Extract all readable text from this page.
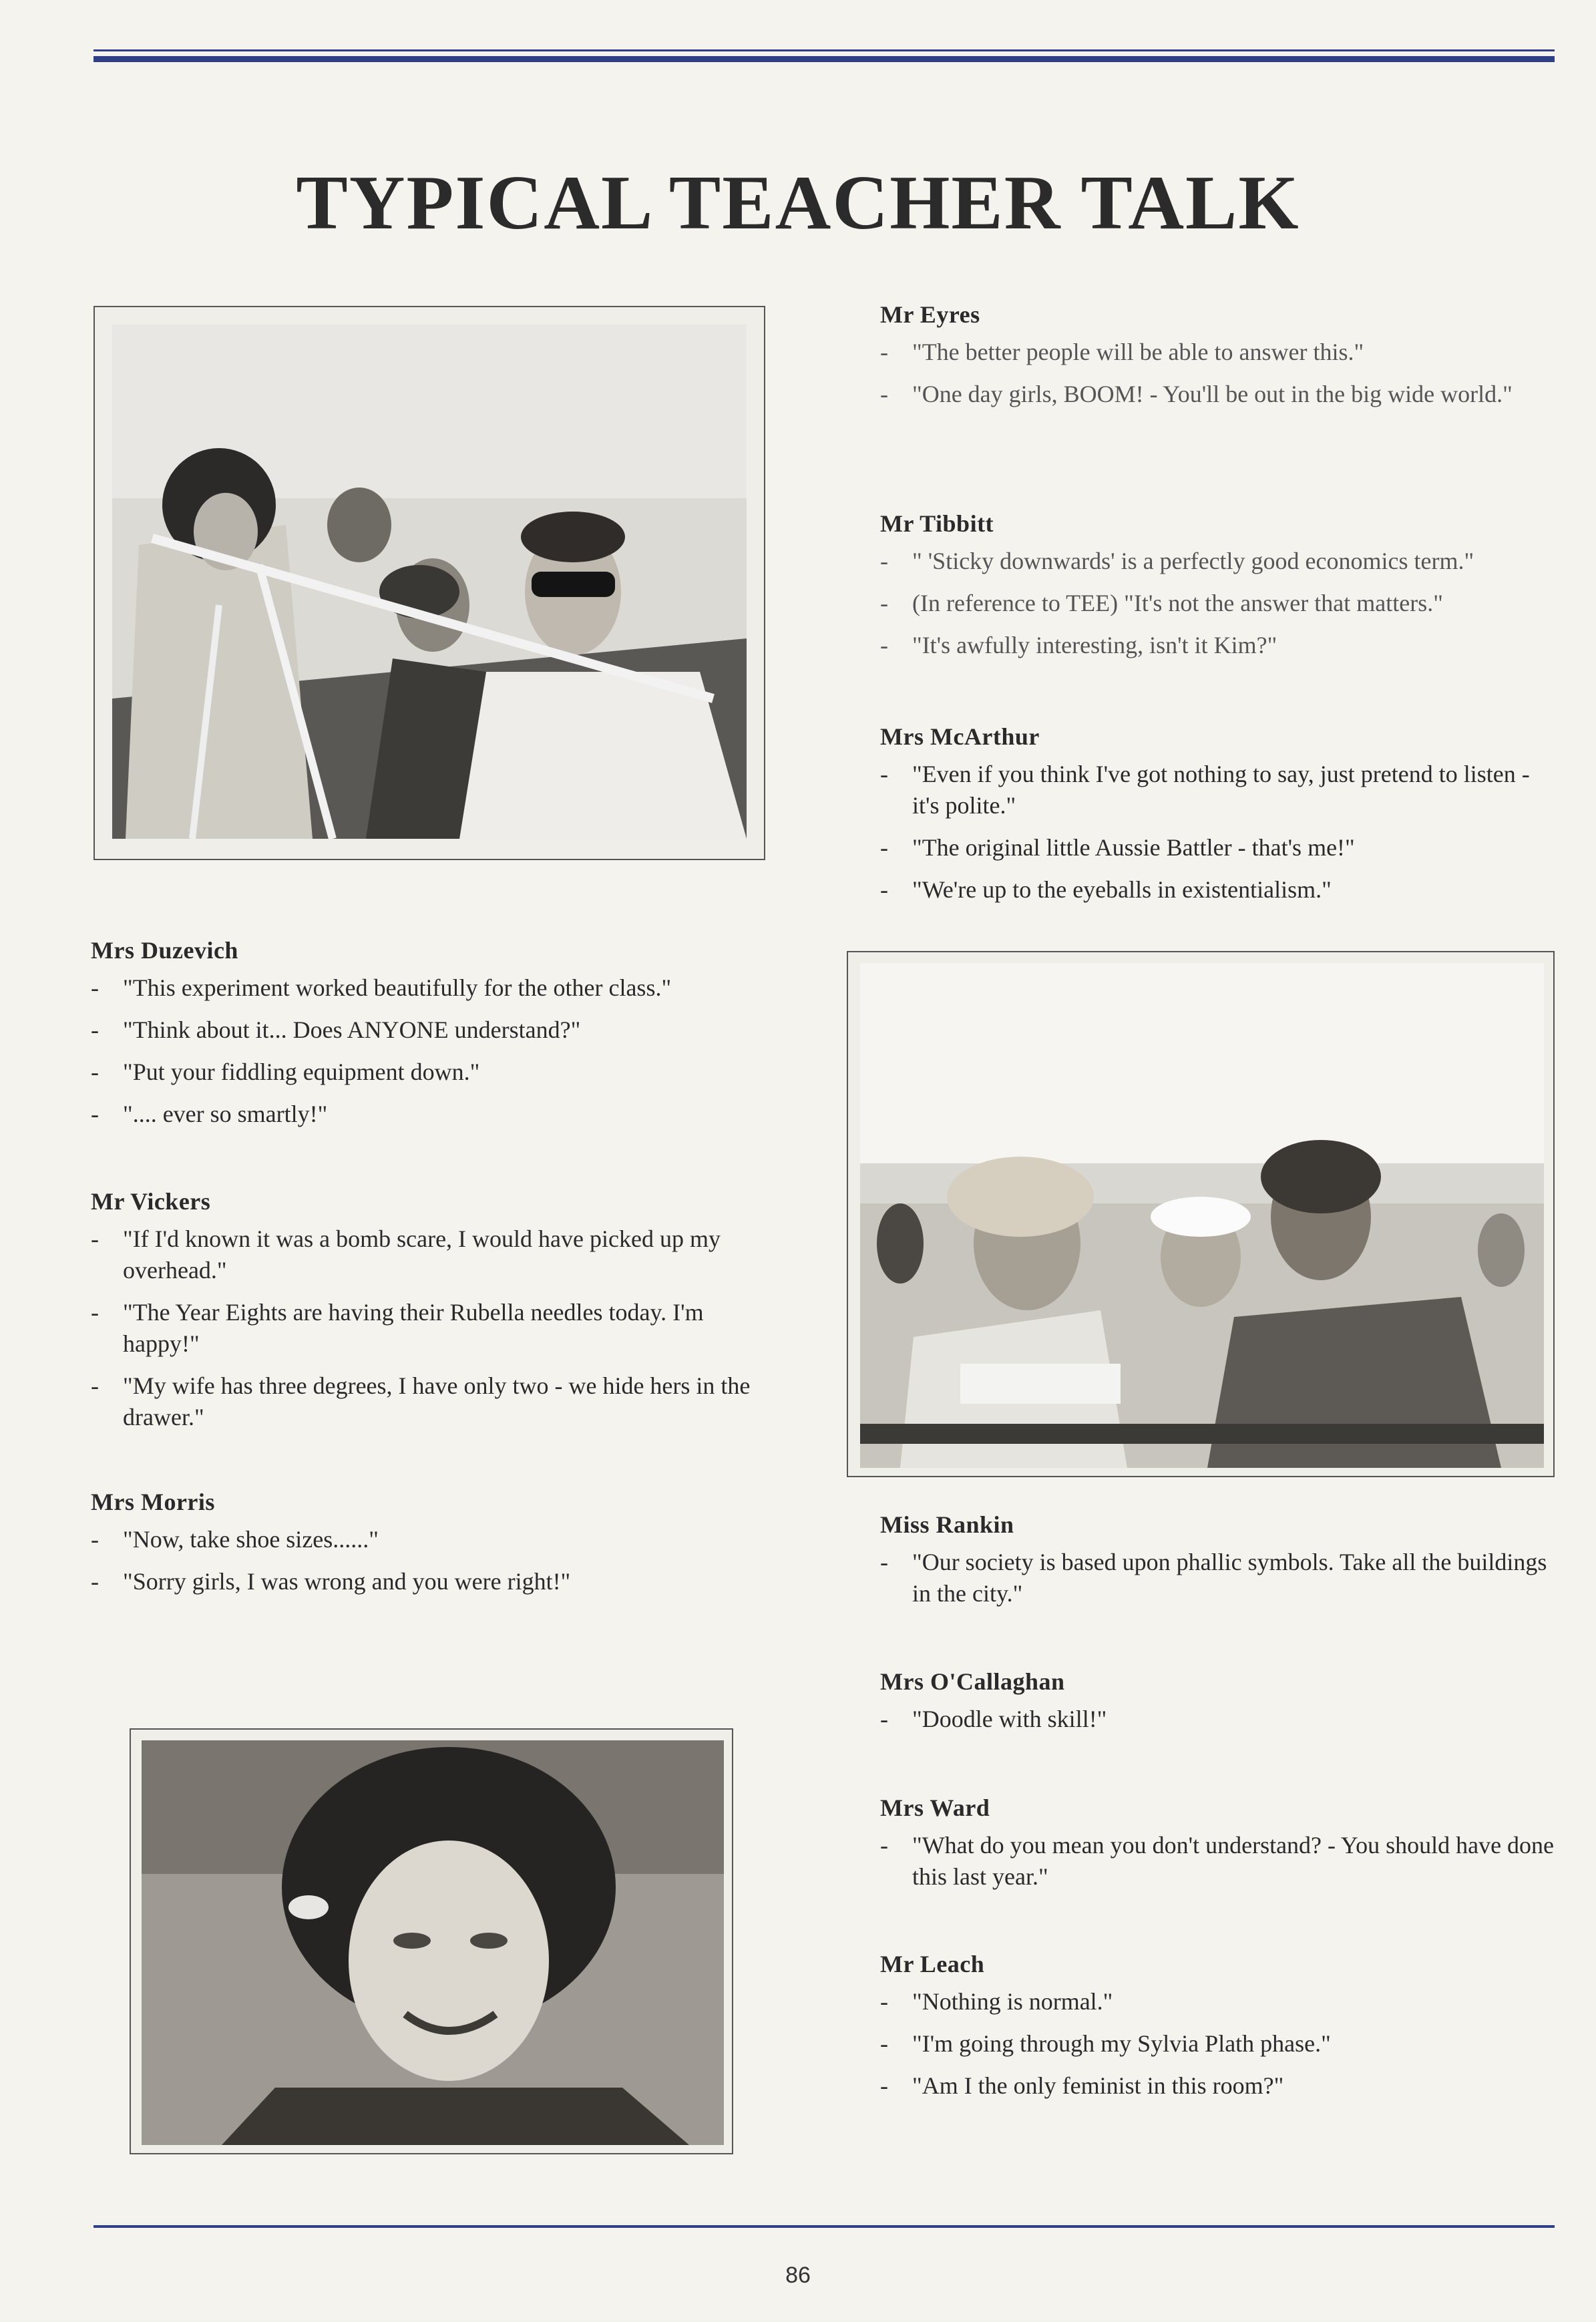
TYPICAL TEACHER TALK
Mr Eyres
- "The better people will be able to answer this."
- "One day girls, BOOM! - You'll be out in the big wide world."
Mr Tibbitt
- " 'Sticky downwards' is a perfectly good economics term."
- (In reference to TEE) "It's not the answer that matters."
- "It's awfully interesting, isn't it Kim?"
Mrs McArthur
- "Even if you think I've got nothing to say, just pretend to listen - it's polite."
- "The original little Aussie Battler - that's me!"
- "We're up to the eyeballs in existentialism."
Mrs Duzevich
- "This experiment worked beautifully for the other class."
- "Think about it... Does ANYONE understand?"
- "Put your fiddling equipment down."
- ".... ever so smartly!"
Mr Vickers
- "If I'd known it was a bomb scare, I would have picked up my overhead."
- "The Year Eights are having their Rubella needles today. I'm happy!"
- "My wife has three degrees, I have only two - we hide hers in the drawer."
Mrs Morris
- "Now, take shoe sizes......"
- "Sorry girls, I was wrong and you were right!"
Miss Rankin
- "Our society is based upon phallic symbols. Take all the buildings in the city."
Mrs O'Callaghan
- "Doodle with skill!"
Mrs Ward
- "What do you mean you don't understand? - You should have done this last year."
Mr Leach
- "Nothing is normal."
- "I'm going through my Sylvia Plath phase."
- "Am I the only feminist in this room?"
86
